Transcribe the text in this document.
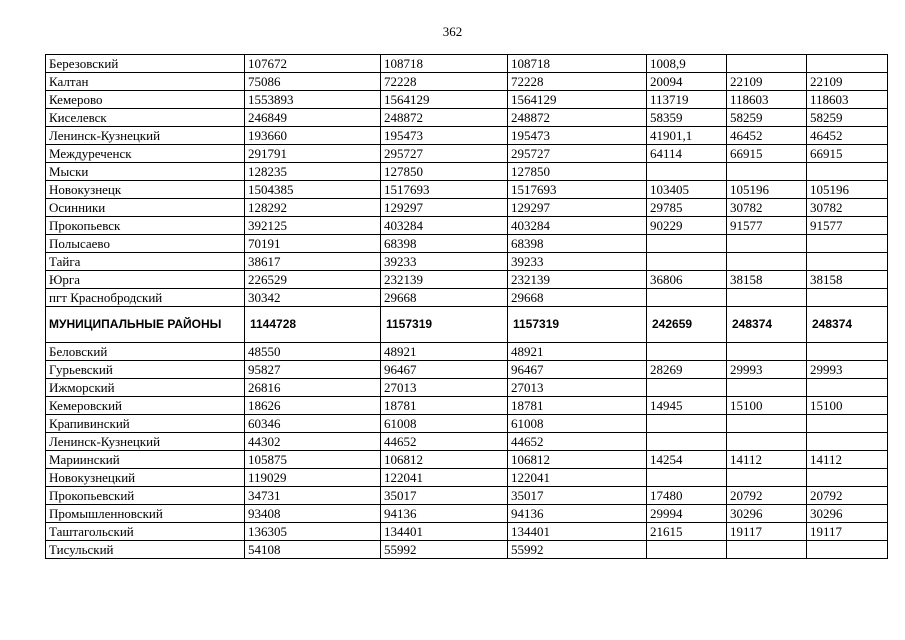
362
Березовский	107672	108718	108718	1008,9		
Калтан	75086	72228	72228	20094	22109	22109
Кемерово	1553893	1564129	1564129	113719	118603	118603
Киселевск	246849	248872	248872	58359	58259	58259
Ленинск-Кузнецкий	193660	195473	195473	41901,1	46452	46452
Междуреченск	291791	295727	295727	64114	66915	66915
Мыски	128235	127850	127850			
Новокузнецк	1504385	1517693	1517693	103405	105196	105196
Осинники	128292	129297	129297	29785	30782	30782
Прокопьевск	392125	403284	403284	90229	91577	91577
Полысаево	70191	68398	68398			
Тайга	38617	39233	39233			
Юрга	226529	232139	232139	36806	38158	38158
пгт Краснобродский	30342	29668	29668			
МУНИЦИПАЛЬНЫЕ РАЙОНЫ	1144728	1157319	1157319	242659	248374	248374
Беловский	48550	48921	48921			
Гурьевский	95827	96467	96467	28269	29993	29993
Ижморский	26816	27013	27013			
Кемеровский	18626	18781	18781	14945	15100	15100
Крапивинский	60346	61008	61008			
Ленинск-Кузнецкий	44302	44652	44652			
Мариинский	105875	106812	106812	14254	14112	14112
Новокузнецкий	119029	122041	122041			
Прокопьевский	34731	35017	35017	17480	20792	20792
Промышленновский	93408	94136	94136	29994	30296	30296
Таштагольский	136305	134401	134401	21615	19117	19117
Тисульский	54108	55992	55992			
